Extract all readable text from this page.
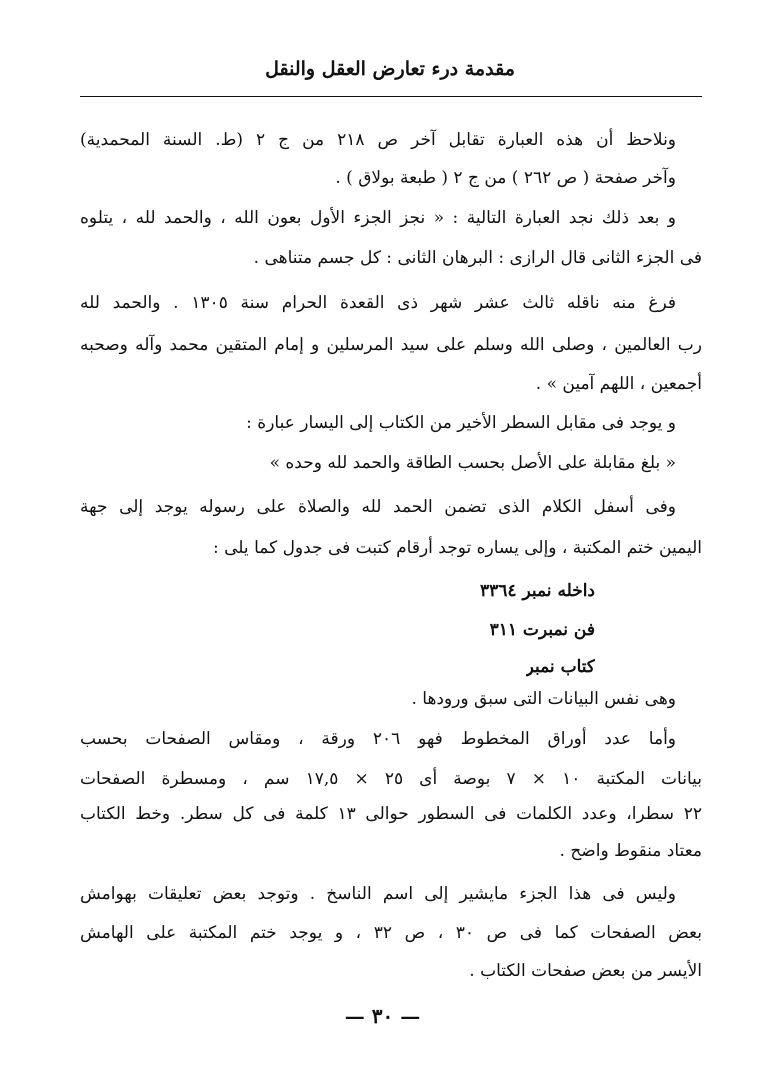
مقدمة درء تعارض العقل والنقل
ونلاحظ أن هذه العبارة تقابل آخر ص ٢١٨ من ج ٢ (ط. السنة المحمدية)
وآخر صفحة ( ص ٢٦٢ ) من ج ٢ ( طبعة بولاق ) .
و بعد ذلك نجد العبارة التالية : « نجز الجزء الأول بعون الله ، والحمد لله ، يتلوه
فى الجزء الثانى قال الرازى : البرهان الثانى : كل جسم متناهى .
فرغ منه ناقله ثالث عشر شهر ذى القعدة الحرام سنة ١٣٠٥ . والحمد لله
رب العالمين ، وصلى الله وسلم على سيد المرسلين و إمام المتقين محمد وآله وصحبه
أجمعين ، اللهم آمين » .
و يوجد فى مقابل السطر الأخير من الكتاب إلى اليسار عبارة :
« بلغ مقابلة على الأصل بحسب الطاقة والحمد لله وحده »
وفى أسفل الكلام الذى تضمن الحمد لله والصلاة على رسوله يوجد إلى جهة
اليمين ختم المكتبة ، وإلى يساره توجد أرقام كتبت فى جدول كما يلى :
داخله نمبر ٣٣٦٤
فن نمبرت ٣١١
كتاب نمبر
وهى نفس البيانات التى سبق ورودها .
وأما عدد أوراق المخطوط فهو ٢٠٦ ورقة ، ومقاس الصفحات بحسب
بيانات المكتبة ١٠ × ٧ بوصة أى ٢٥ × ١٧,٥ سم ، ومسطرة الصفحات
٢٢ سطرا، وعدد الكلمات فى السطور حوالى ١٣ كلمة فى كل سطر. وخط الكتاب
معتاد منقوط واضح .
وليس فى هذا الجزء مايشير إلى اسم الناسخ . وتوجد بعض تعليقات بهوامش
بعض الصفحات كما فى ص ٣٠ ، ص ٣٢ ، و يوجد ختم المكتبة على الهامش
الأيسر من بعض صفحات الكتاب .
— ٣٠ —
